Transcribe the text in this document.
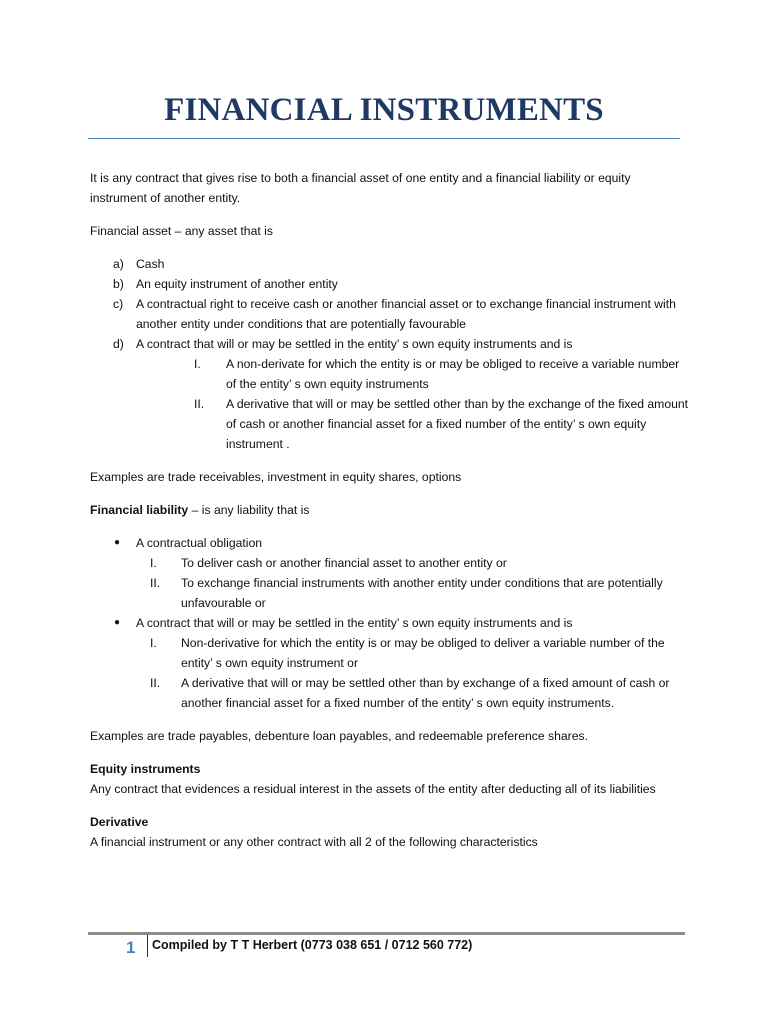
FINANCIAL INSTRUMENTS

It is any contract that gives rise to both a financial asset of one entity and a financial liability or equity instrument of another entity.

Financial asset – any asset that is

a) Cash
b) An equity instrument of another entity
c) A contractual right to receive cash or another financial asset or to exchange financial instrument with another entity under conditions that are potentially favourable
d) A contract that will or may be settled in the entity’ s own equity instruments and is
I. A non-derivate for which the entity is or may be obliged to receive a variable number of the entity’ s own equity instruments
II. A derivative that will or may be settled other than by the exchange of the fixed amount of cash or another financial asset for a fixed number of the entity’ s own equity instrument .

Examples are trade receivables, investment in equity shares, options

Financial liability – is any liability that is

● A contractual obligation
I. To deliver cash or another financial asset to another entity or
II. To exchange financial instruments with another entity under conditions that are potentially unfavourable or
● A contract that will or may be settled in the entity’ s own equity instruments and is
I. Non-derivative for which the entity is or may be obliged to deliver a variable number of the entity’ s own equity instrument or
II. A derivative that will or may be settled other than by exchange of a fixed amount of cash or another financial asset for a fixed number of the entity’ s own equity instruments.

Examples are trade payables, debenture loan payables, and redeemable preference shares.

Equity instruments

Any contract that evidences a residual interest in the assets of the entity after deducting all of its liabilities

Derivative

A financial instrument or any other contract with all 2 of the following characteristics

1 Compiled by T T Herbert (0773 038 651 / 0712 560 772)
